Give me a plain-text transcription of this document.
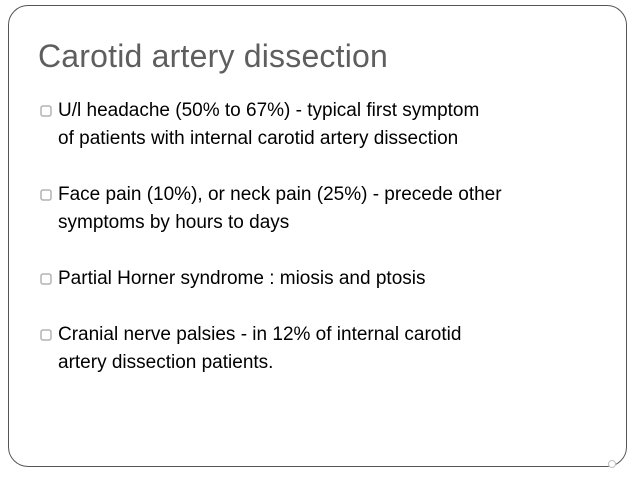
Carotid artery dissection
U/l headache (50% to 67%) - typical first symptom
of patients with internal carotid artery dissection
Face pain (10%), or neck pain (25%) - precede other
symptoms by hours to days
Partial Horner syndrome : miosis and ptosis
Cranial nerve palsies - in 12% of internal carotid
artery dissection patients.
